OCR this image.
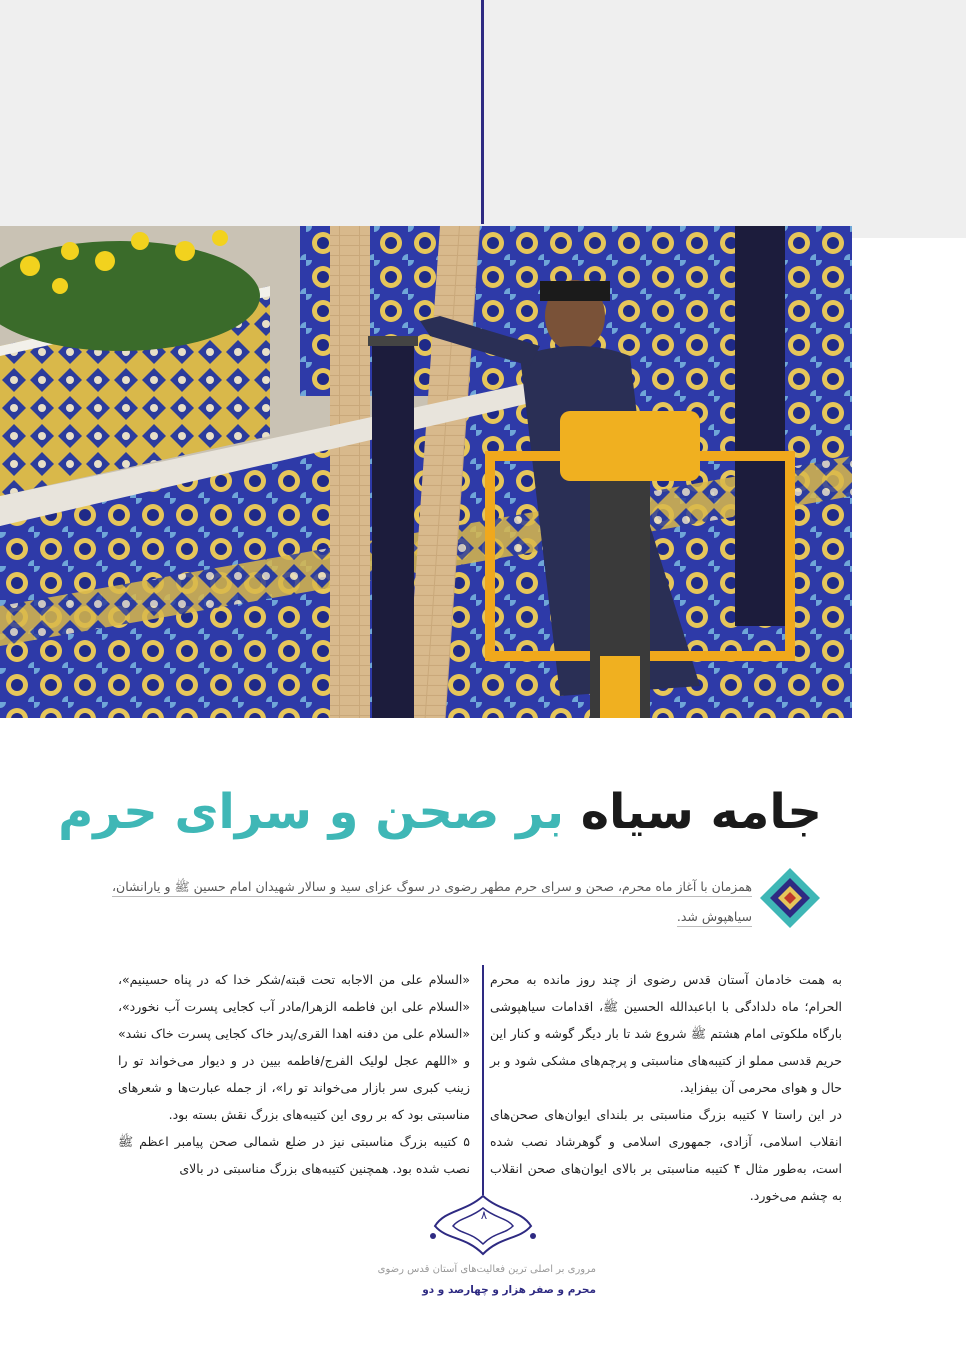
جامه سیاه بر صحن و سرای حرم
همزمان با آغاز ماه محرم، صحن و سرای حرم مطهر رضوی در سوگ عزای سید و سالار شهیدان امام حسین ﷺ و یارانشان، سیاهپوش شد.

به همت خادمان آستان قدس رضوی از چند روز مانده به محرم الحرام؛ ماه دلدادگی با اباعبدالله الحسین ﷺ، اقدامات سیاهپوشی بارگاه ملکوتی امام هشتم ﷺ شروع شد تا بار دیگر گوشه و کنار این حریم قدسی مملو از کتیبه‌های مناسبتی و پرچم‌های مشکی شود و بر حال و هوای محرمی آن بیفزاید.

در این راستا ۷ کتیبه بزرگ مناسبتی بر بلندای ایوان‌های صحن‌های انقلاب اسلامی، آزادی، جمهوری اسلامی و گوهرشاد نصب شده است، به‌طور مثال ۴ کتیبه مناسبتی بر بالای ایوان‌های صحن انقلاب به چشم می‌خورد.

«السلام علی من الاجابه تحت قبته/شکر خدا که در پناه حسینیم»، «السلام علی ابن فاطمه الزهرا/مادر آب کجایی پسرت آب نخورد»، «السلام علی من دفنه اهدا القری/پدر خاک کجایی پسرت خاک نشد» و «اللهم عجل لولیک الفرج/فاطمه بیین در و دیوار می‌خواند تو را زینب کبری سر بازار می‌خواند تو را»، از جمله عبارت‌ها و شعرهای مناسبتی بود که بر روی این کتیبه‌های بزرگ نقش بسته بود.

۵ کتیبه بزرگ مناسبتی نیز در ضلع شمالی صحن پیامبر اعظم ﷺ نصب شده بود. همچنین کتیبه‌های بزرگ مناسبتی در بالای

۸
مروری بر اصلی ترین فعالیت‌های آستان قدس رضوی
محرم و صفر هزار و چهارصد و دو
